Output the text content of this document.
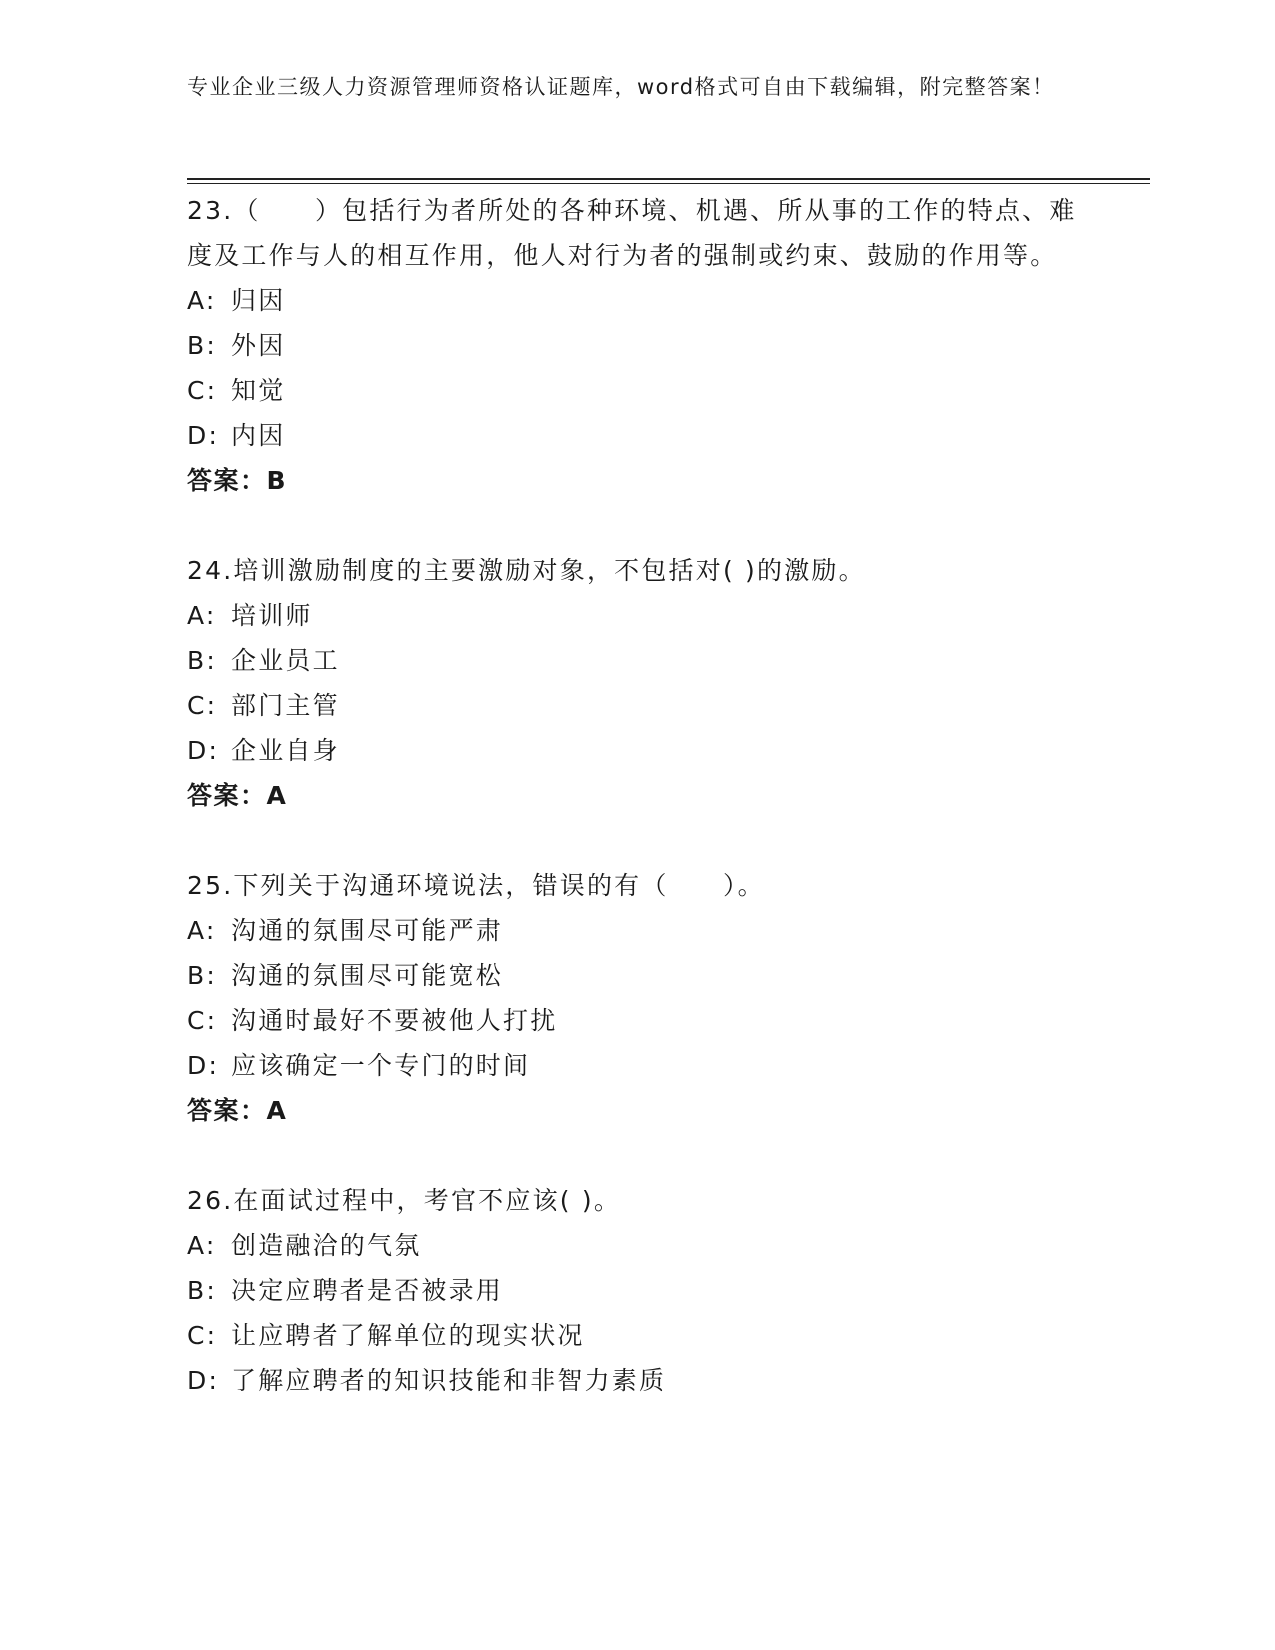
专业企业三级人力资源管理师资格认证题库，word格式可自由下载编辑，附完整答案！

23.（　　）包括行为者所处的各种环境、机遇、所从事的工作的特点、难度及工作与人的相互作用，他人对行为者的强制或约束、鼓励的作用等。

A: 归因
B: 外因
C: 知觉
D: 内因
答案：B

24.培训激励制度的主要激励对象，不包括对( )的激励。

A: 培训师
B: 企业员工
C: 部门主管
D: 企业自身
答案：A

25.下列关于沟通环境说法，错误的有（　　）。

A: 沟通的氛围尽可能严肃
B: 沟通的氛围尽可能宽松
C: 沟通时最好不要被他人打扰
D: 应该确定一个专门的时间
答案：A

26.在面试过程中，考官不应该( )。

A: 创造融洽的气氛
B: 决定应聘者是否被录用
C: 让应聘者了解单位的现实状况
D: 了解应聘者的知识技能和非智力素质
